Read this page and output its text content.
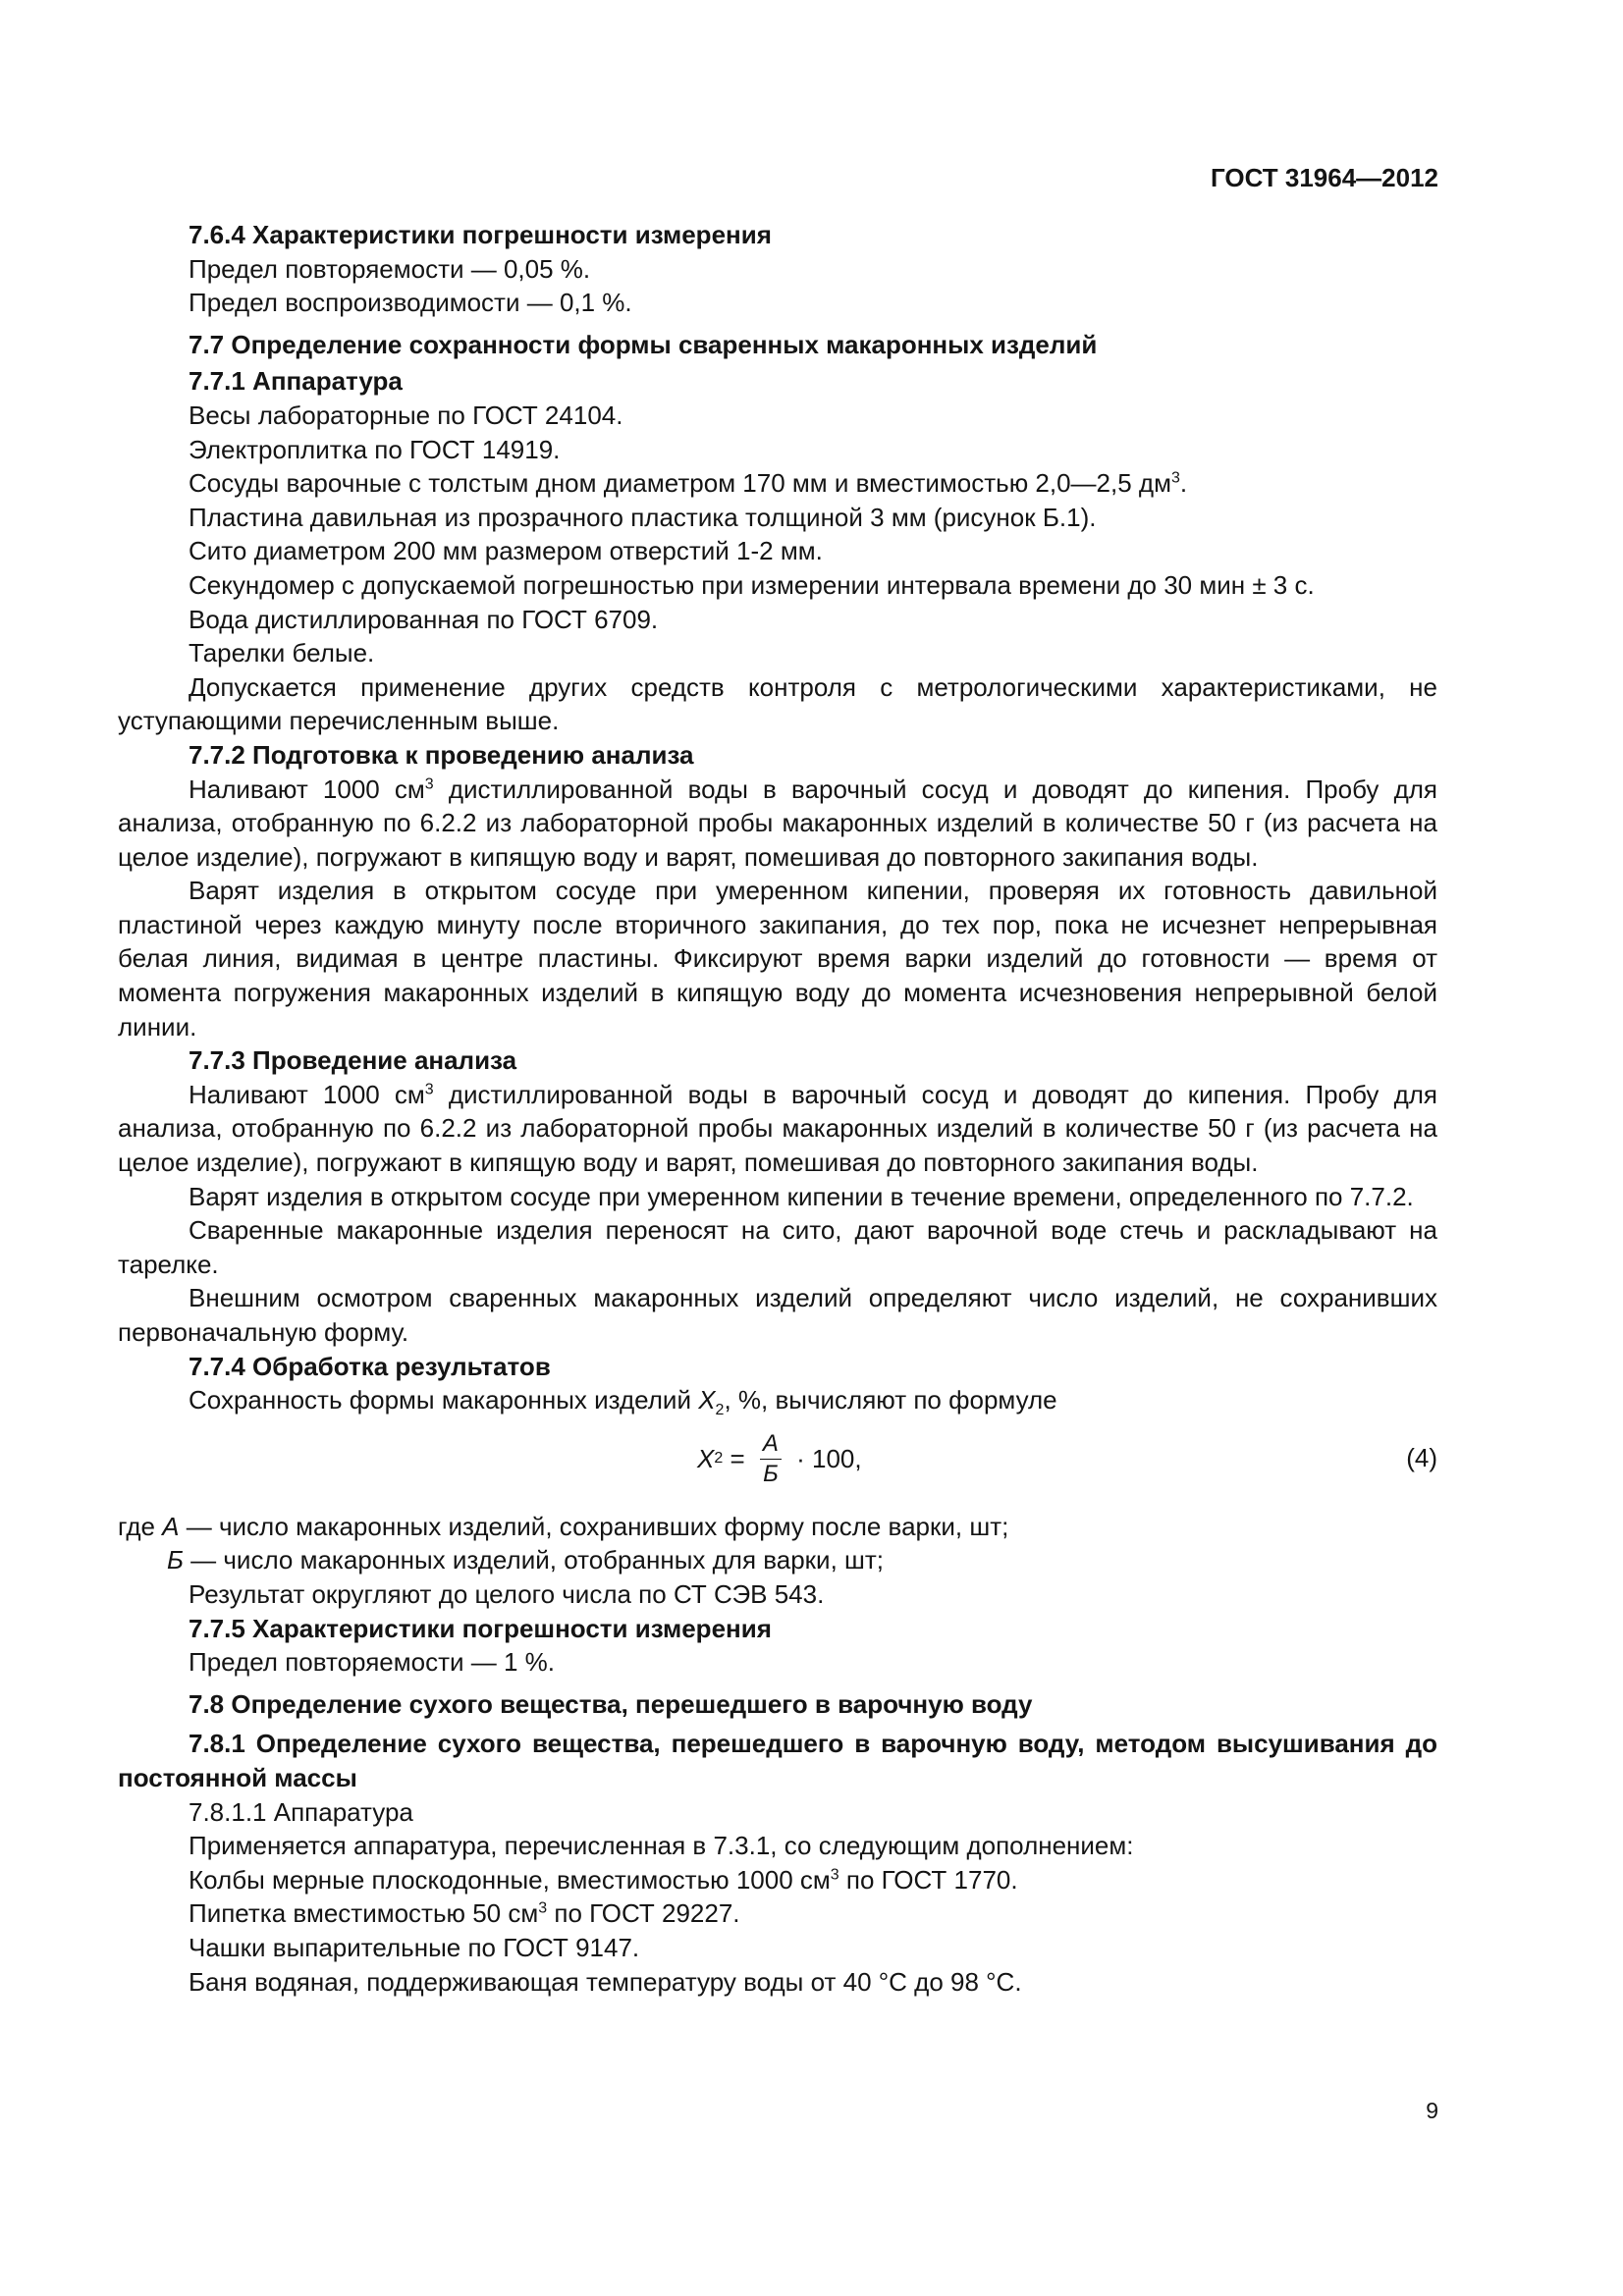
ГОСТ 31964—2012

7.6.4 Характеристики погрешности измерения

Предел повторяемости — 0,05 %.

Предел воспроизводимости — 0,1 %.

7.7 Определение сохранности формы сваренных макаронных изделий

7.7.1 Аппаратура

Весы лабораторные по ГОСТ 24104.

Электроплитка по ГОСТ 14919.

Сосуды варочные с толстым дном диаметром 170 мм и вместимостью 2,0—2,5 $дм^3$.

Пластина давильная из прозрачного пластика толщиной 3 мм (рисунок Б.1).

Сито диаметром 200 мм размером отверстий 1-2 мм.

Секундомер с допускаемой погрешностью при измерении интервала времени до 30 мин ± 3 с.

Вода дистиллированная по ГОСТ 6709.

Тарелки белые.

Допускается применение других средств контроля с метрологическими характеристиками, не уступающими перечисленным выше.

7.7.2 Подготовка к проведению анализа

Наливают 1000 $см^3$ дистиллированной воды в варочный сосуд и доводят до кипения. Пробу для анализа, отобранную по 6.2.2 из лабораторной пробы макаронных изделий в количестве 50 г (из расчета на целое изделие), погружают в кипящую воду и варят, помешивая до повторного закипания воды.

Варят изделия в открытом сосуде при умеренном кипении, проверяя их готовность давильной пластиной через каждую минуту после вторичного закипания, до тех пор, пока не исчезнет непрерывная белая линия, видимая в центре пластины. Фиксируют время варки изделий до готовности — время от момента погружения макаронных изделий в кипящую воду до момента исчезновения непрерывной белой линии.

7.7.3 Проведение анализа

Наливают 1000 $см^3$ дистиллированной воды в варочный сосуд и доводят до кипения. Пробу для анализа, отобранную по 6.2.2 из лабораторной пробы макаронных изделий в количестве 50 г (из расчета на целое изделие), погружают в кипящую воду и варят, помешивая до повторного закипания воды.

Варят изделия в открытом сосуде при умеренном кипении в течение времени, определенного по 7.7.2.

Сваренные макаронные изделия переносят на сито, дают варочной воде стечь и раскладывают на тарелке.

Внешним осмотром сваренных макаронных изделий определяют число изделий, не сохранивших первоначальную форму.

7.7.4 Обработка результатов

Сохранность формы макаронных изделий $X_2$, %, вычисляют по формуле

X $2 = \frac{А}{Б} \cdot 100$,	(4)

где А — число макаронных изделий, сохранивших форму после варки, шт;

Б — число макаронных изделий, отобранных для варки, шт;

Результат округляют до целого числа по СТ СЭВ 543.

7.7.5 Характеристики погрешности измерения

Предел повторяемости — 1 %.

7.8 Определение сухого вещества, перешедшего в варочную воду

7.8.1 Определение сухого вещества, перешедшего в варочную воду, методом высушивания до постоянной массы

7.8.1.1 Аппаратура

Применяется аппаратура, перечисленная в 7.3.1, со следующим дополнением:

Колбы мерные плоскодонные, вместимостью 1000 $см^3$ по ГОСТ 1770.

Пипетка вместимостью 50 $см^3$ по ГОСТ 29227.

Чашки выпарительные по ГОСТ 9147.

Баня водяная, поддерживающая температуру воды от 40 °С до 98 °С.

9
